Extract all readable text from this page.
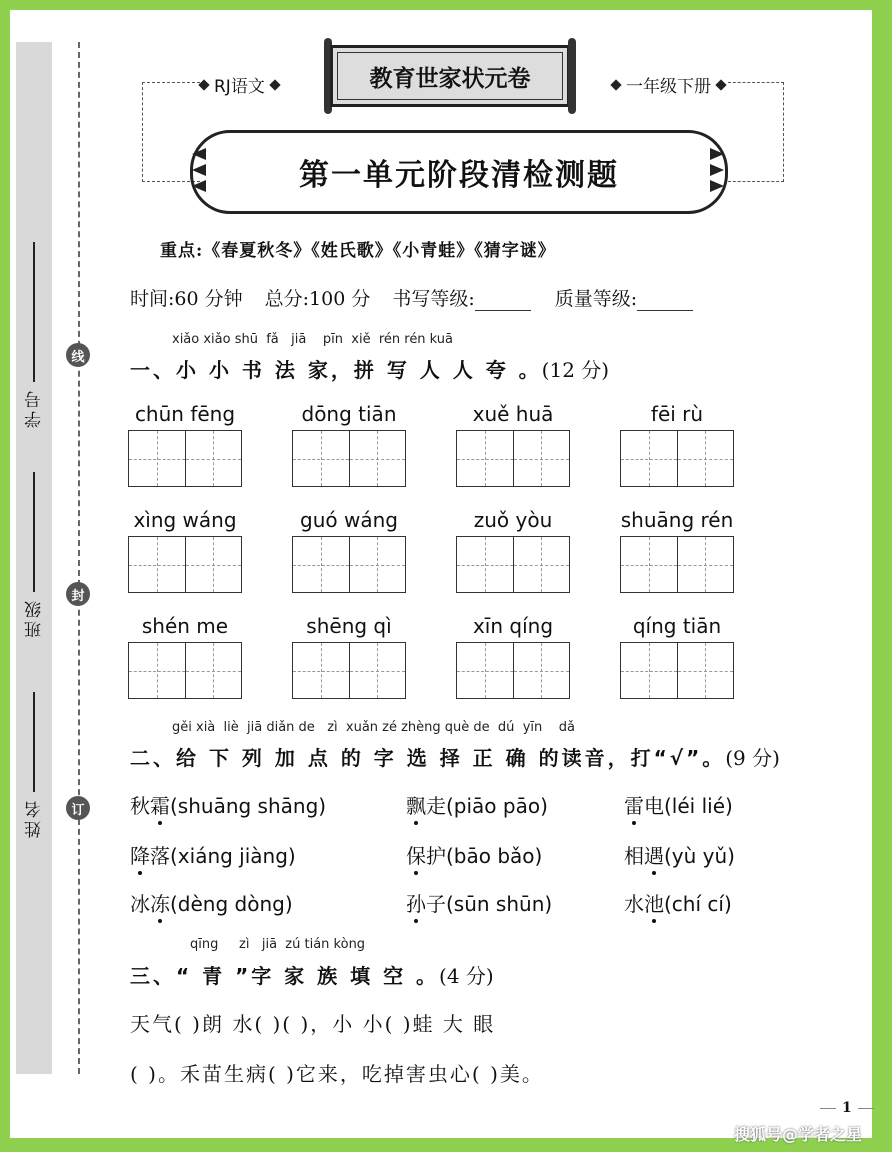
学号
班级
姓名
线
封
订
RJ语文	一年级下册
教育世家状元卷
第一单元阶段清检测题
重点:《春夏秋冬》《姓氏歌》《小青蛙》《猜字谜》
时间:60 分钟 总分:100 分 书写等级:	质量等级:
xiǎo xiǎo shū  fǎ   jiā    pīn  xiě  rén rén kuā
一、小 小 书 法 家，拼 写 人 人 夸 。(12 分)
chūn fēng	dōng tiān	xuě huā	fēi rù
xìng wáng	guó wáng	zuǒ yòu	shuāng rén
shén me	shēng qì	xīn qíng	qíng tiān
gěi xià  liè  jiā diǎn de   zì  xuǎn zé zhèng què de  dú  yīn    dǎ
二、给 下 列 加 点 的 字 选 择 正 确 的读音，打“√”。(9 分)
秋霜(shuāng shāng)	飘走(piāo pāo)	雷电(léi lié)
降落(xiáng jiàng)	保护(bāo bǎo)	相遇(yù yǔ)
冰冻(dèng dòng)	孙子(sūn shūn)	水池(chí cí)
qīng     zì   jiā  zú tián kòng
三、“ 青 ”字 家 族 填 空 。(4 分)
天气( )朗 水( )( )，小 小( )蛙 大 眼
( )。禾苗生病( )它来，吃掉害虫心( )美。
1
搜狐号@学者之星
